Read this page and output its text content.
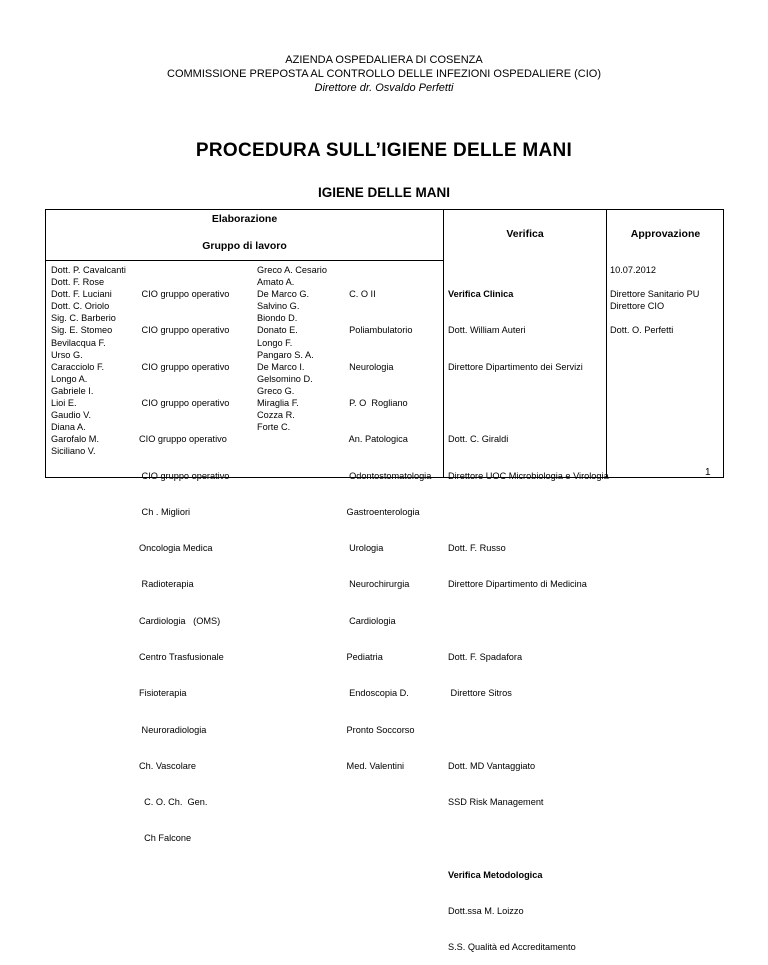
AZIENDA OSPEDALIERA DI COSENZA
COMMISSIONE PREPOSTA AL CONTROLLO DELLE INFEZIONI OSPEDALIERE (CIO)
Direttore dr. Osvaldo Perfetti
PROCEDURA SULL’IGIENE DELLE MANI
IGIENE DELLE MANI
Elaborazione
Gruppo di lavoro
Verifica	Approvazione
Dott. P. Cavalcanti
Dott. F. Rose
Dott. F. Luciani
Dott. C. Oriolo
Sig. C. Barberio
Sig. E. Stomeo
Bevilacqua F.
Urso G.
Caracciolo F.
Longo A.
Gabriele I.
Lioi E.
Gaudio V.
Diana A.
Garofalo M.
Siciliano V.

CIO gruppo operativo

CIO gruppo operativo

CIO gruppo operativo

CIO gruppo operativo

CIO gruppo operativo

CIO gruppo operativo

Ch . Migliori

Oncologia Medica

Radioterapia

Cardiologia   (OMS)

Centro Trasfusionale

Fisioterapia

Neuroradiologia

Ch. Vascolare

C. O. Ch.  Gen.

Ch Falcone

Greco A. Cesario
Amato A.
De Marco G.
Salvino G.
Biondo D.
Donato E.
Longo F.
Pangaro S. A.
De Marco I.
Gelsomino D.
Greco G.
Miraglia F.
Cozza R.
Forte C.

C. O II

Poliambulatorio

Neurologia

P. O  Rogliano

An. Patologica

Odontostomatologia

Gastroenterologia

Urologia

Neurochirurgia

Cardiologia

Pediatria

Endoscopia D.

Pronto Soccorso

Med. Valentini

Verifica Clinica

Dott. William Auteri

Direttore Dipartimento dei Servizi

Dott. C. Giraldi

Direttore UOC Microbiologia e Virologia

Dott. F. Russo

Direttore Dipartimento di Medicina

Dott. F. Spadafora

Direttore Sitros

Dott. MD Vantaggiato

SSD Risk Management

Verifica Metodologica

Dott.ssa M. Loizzo

S.S. Qualità ed Accreditamento

10.07.2012
Direttore Sanitario PU
Direttore CIO
Dott. O. Perfetti
1
